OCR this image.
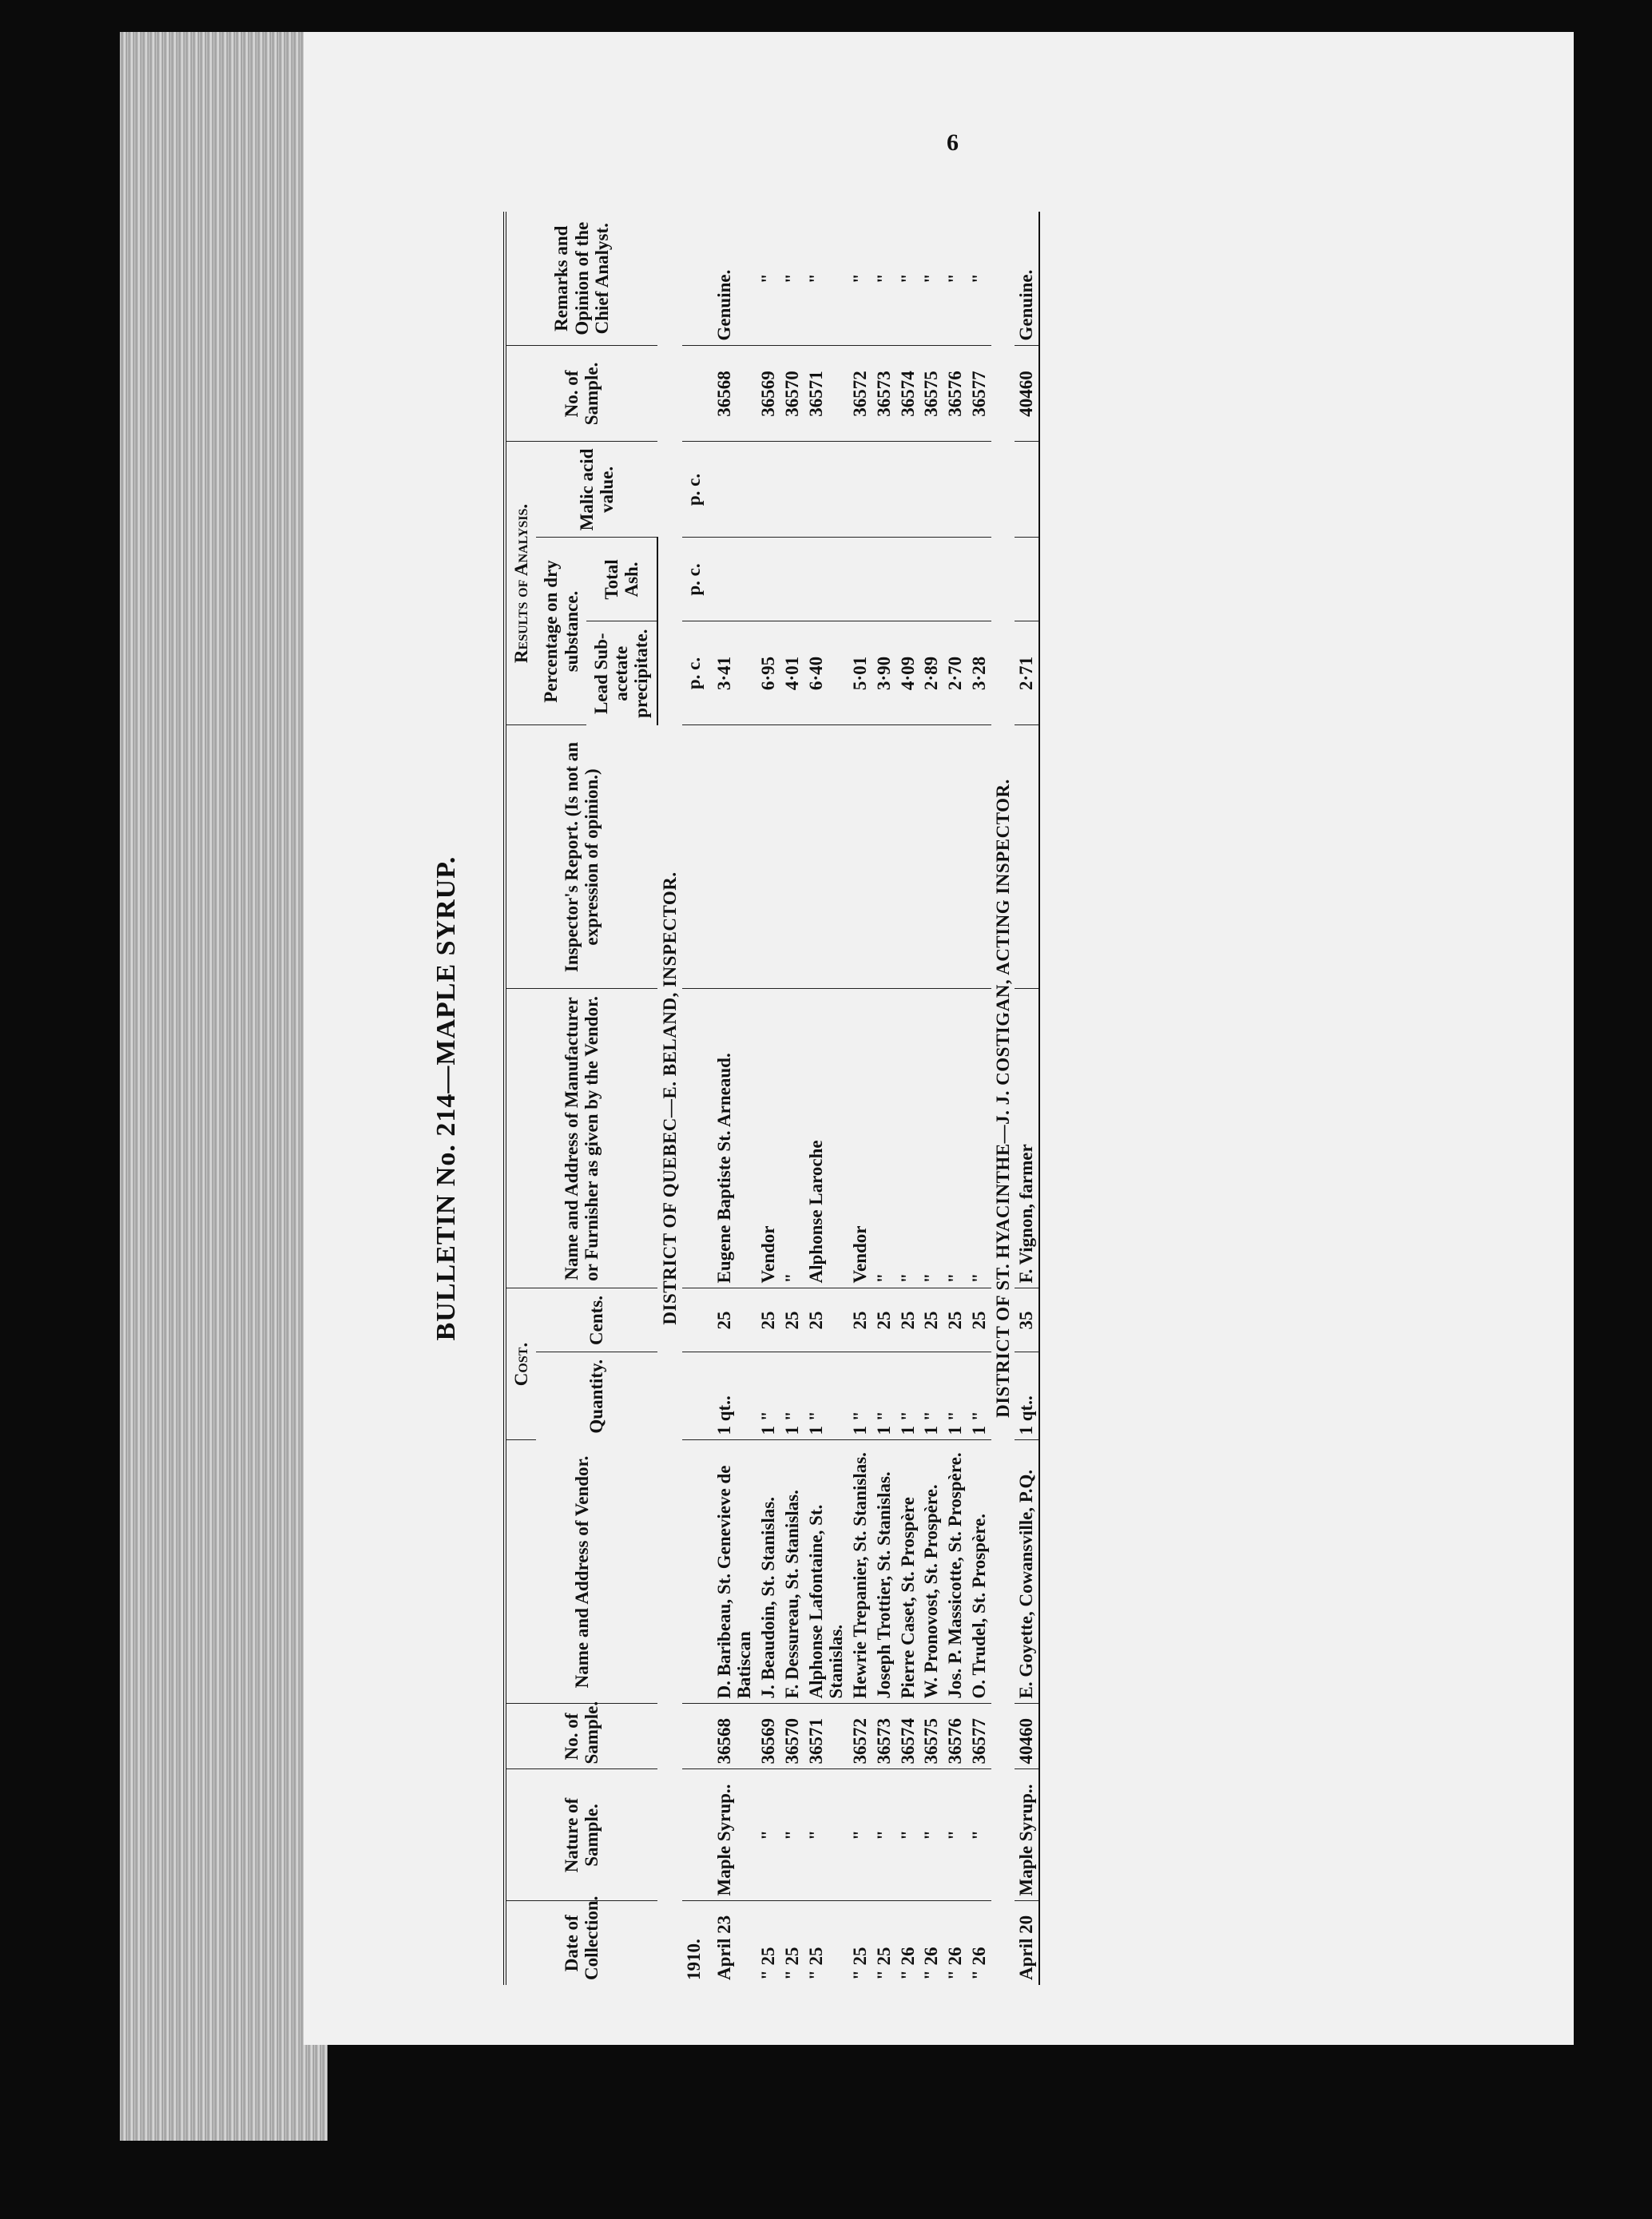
6
BULLETIN No. 214—MAPLE SYRUP.
Date of Collection.	Nature of Sample.	No. of Sample.	Name and Address of Vendor.	Cost.		Name and Address of Manufacturer or Furnisher as given by the Vendor.	Inspector's Report. (Is not an expression of opinion.)	Results of Analysis.			No. of Sample.	Remarks and Opinion of the Chief Analyst.
				Quantity.	Cents.			Percentage on dry substance.		Malic acid value.		
								Lead Sub-acetate precipitate.	Total Ash.			
DISTRICT OF QUEBEC—E. BELAND, INSPECTOR.												
1910.								p. c.	p. c.	p. c.		
April 23	Maple Syrup..	36568	D. Baribeau, St. Genevieve de Batiscan	1 qt..	25	Eugene Baptiste St. Arneaud.		3·41			36568	Genuine.
" 25	"	36569	J. Beaudoin, St. Stanislas.	1 "	25	Vendor		6·95			36569	"
" 25	"	36570	F. Dessureau, St. Stanislas.	1 "	25	"		4·01			36570	"
" 25	"	36571	Alphonse Lafontaine, St. Stanislas.	1 "	25	Alphonse Laroche		6·40			36571	"
" 25	"	36572	Hewrie Trepanier, St. Stanislas.	1 "	25	Vendor		5·01			36572	"
" 25	"	36573	Joseph Trottier, St. Stanislas.	1 "	25	"		3·90			36573	"
" 26	"	36574	Pierre Caset, St. Prospère	1 "	25	"		4·09			36574	"
" 26	"	36575	W. Pronovost, St. Prospère.	1 "	25	"		2·89			36575	"
" 26	"	36576	Jos. P. Massicotte, St. Prospère.	1 "	25	"		2·70			36576	"
" 26	"	36577	O. Trudel, St. Prospère.	1 "	25	"		3·28			36577	"
DISTRICT OF ST. HYACINTHE—J. J. COSTIGAN, ACTING INSPECTOR.												
April 20	Maple Syrup..	40460	E. Goyette, Cowansville, P.Q.	1 qt..	35	F. Vignon, farmer		2·71			40460	Genuine.
